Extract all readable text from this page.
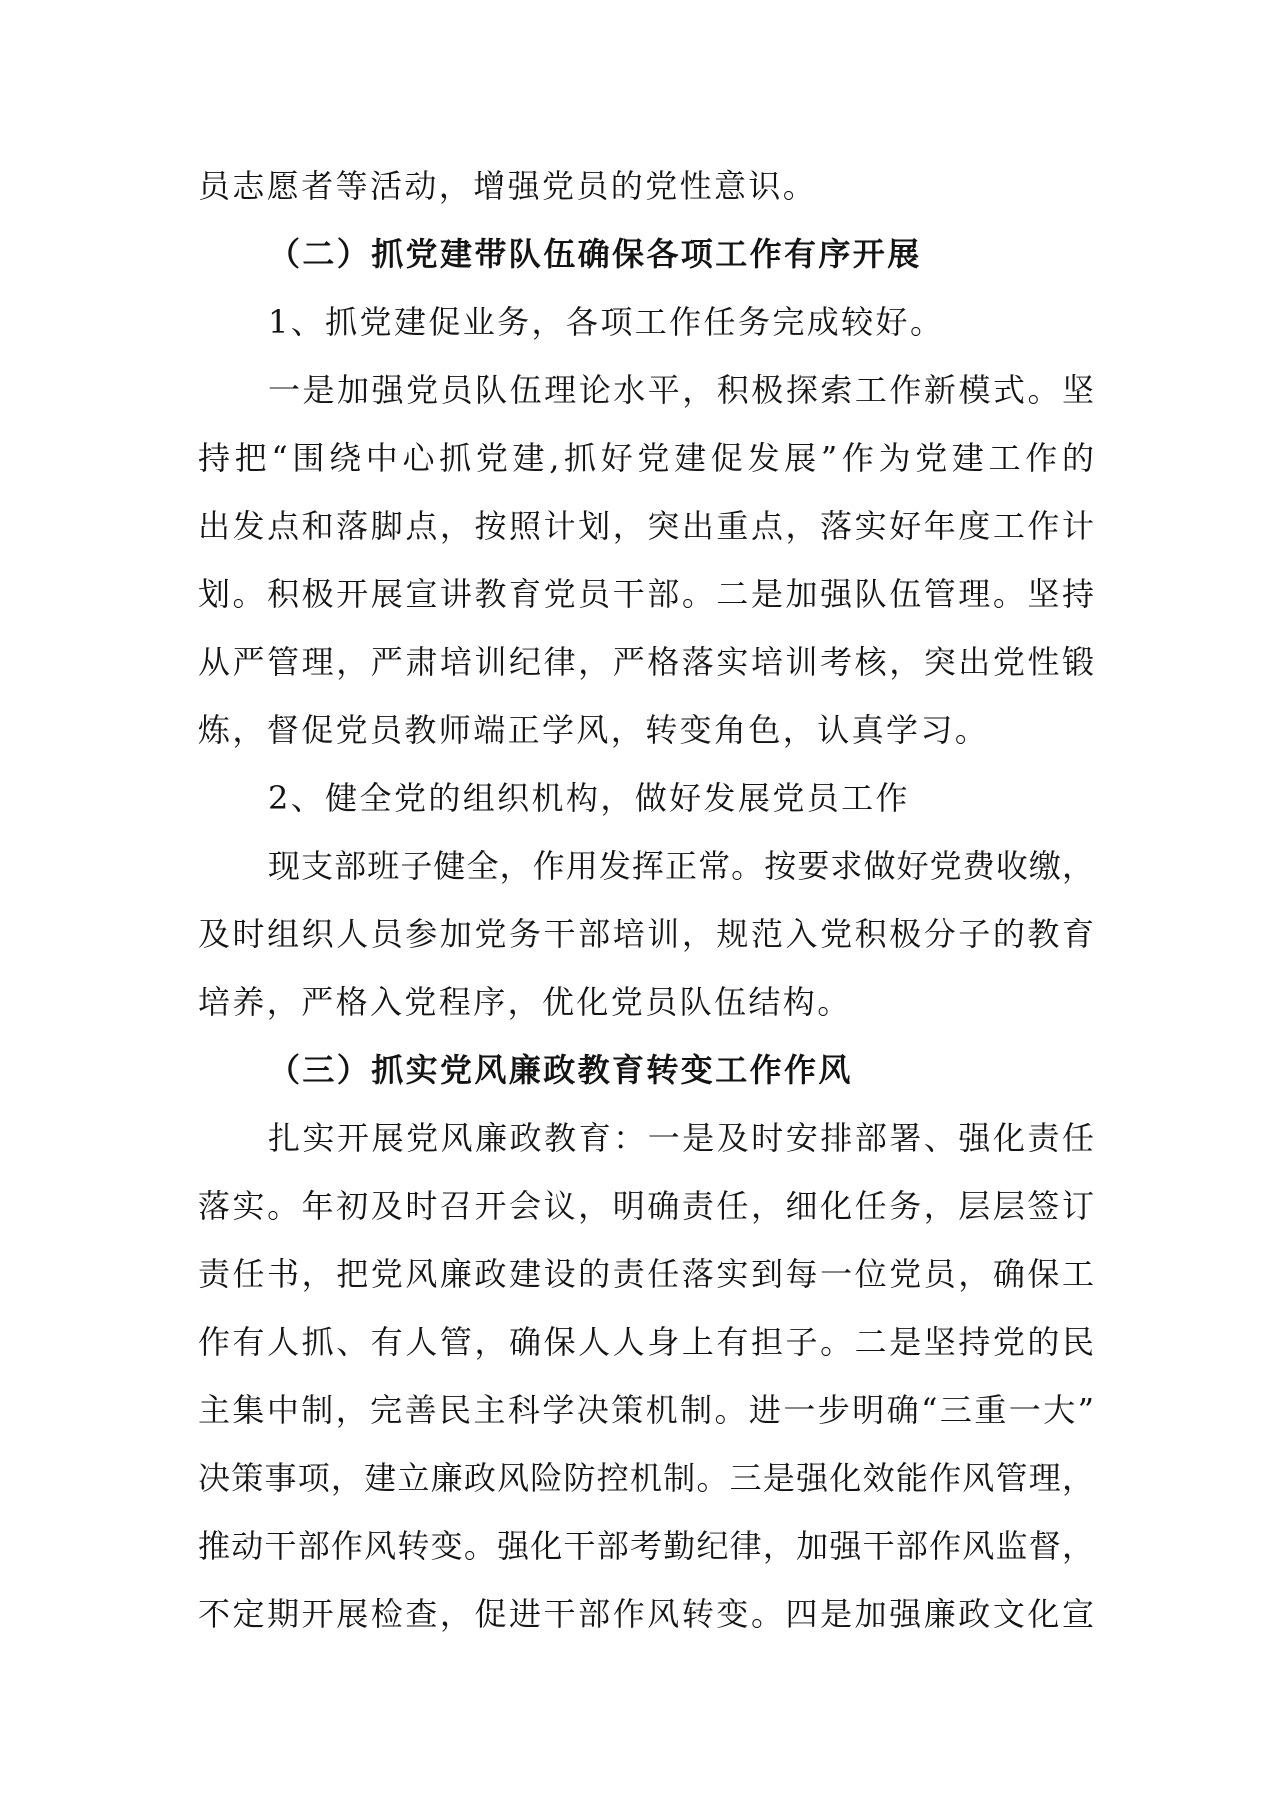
员志愿者等活动，增强党员的党性意识。
（二）抓党建带队伍确保各项工作有序开展
1、抓党建促业务，各项工作任务完成较好。
一是加强党员队伍理论水平，积极探索工作新模式。坚
持把“围绕中心抓党建,抓好党建促发展”作为党建工作的
出发点和落脚点，按照计划，突出重点，落实好年度工作计
划。积极开展宣讲教育党员干部。二是加强队伍管理。坚持
从严管理，严肃培训纪律，严格落实培训考核，突出党性锻
炼，督促党员教师端正学风，转变角色，认真学习。
2、健全党的组织机构，做好发展党员工作
现支部班子健全，作用发挥正常。按要求做好党费收缴，
及时组织人员参加党务干部培训，规范入党积极分子的教育
培养，严格入党程序，优化党员队伍结构。
（三）抓实党风廉政教育转变工作作风
扎实开展党风廉政教育：一是及时安排部署、强化责任
落实。年初及时召开会议，明确责任，细化任务，层层签订
责任书，把党风廉政建设的责任落实到每一位党员，确保工
作有人抓、有人管，确保人人身上有担子。二是坚持党的民
主集中制，完善民主科学决策机制。进一步明确“三重一大”
决策事项，建立廉政风险防控机制。三是强化效能作风管理，
推动干部作风转变。强化干部考勤纪律，加强干部作风监督，
不定期开展检查，促进干部作风转变。四是加强廉政文化宣
